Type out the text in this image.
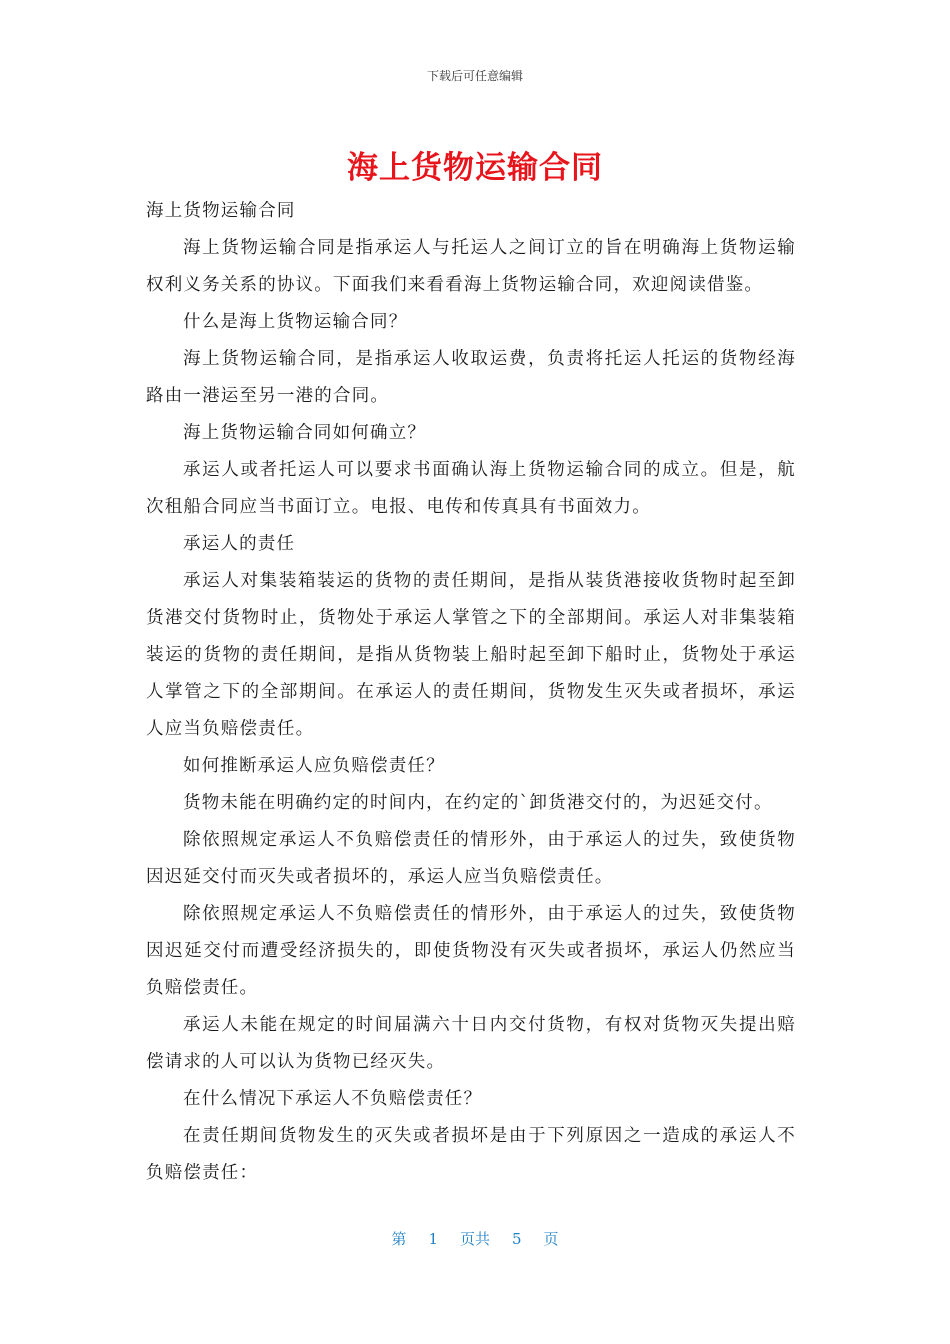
下载后可任意编辑
海上货物运输合同

海上货物运输合同

海上货物运输合同是指承运人与托运人之间订立的旨在明确海上货物运输权利义务关系的协议。下面我们来看看海上货物运输合同，欢迎阅读借鉴。

什么是海上货物运输合同？

海上货物运输合同，是指承运人收取运费，负责将托运人托运的货物经海路由一港运至另一港的合同。

海上货物运输合同如何确立？

承运人或者托运人可以要求书面确认海上货物运输合同的成立。但是，航次租船合同应当书面订立。电报、电传和传真具有书面效力。

承运人的责任

承运人对集装箱装运的货物的责任期间，是指从装货港接收货物时起至卸货港交付货物时止，货物处于承运人掌管之下的全部期间。承运人对非集装箱装运的货物的责任期间，是指从货物装上船时起至卸下船时止，货物处于承运人掌管之下的全部期间。在承运人的责任期间，货物发生灭失或者损坏，承运人应当负赔偿责任。

如何推断承运人应负赔偿责任？

货物未能在明确约定的时间内，在约定的`卸货港交付的，为迟延交付。

除依照规定承运人不负赔偿责任的情形外，由于承运人的过失，致使货物因迟延交付而灭失或者损坏的，承运人应当负赔偿责任。

除依照规定承运人不负赔偿责任的情形外，由于承运人的过失，致使货物因迟延交付而遭受经济损失的，即使货物没有灭失或者损坏，承运人仍然应当负赔偿责任。

承运人未能在规定的时间届满六十日内交付货物，有权对货物灭失提出赔偿请求的人可以认为货物已经灭失。

在什么情况下承运人不负赔偿责任？

在责任期间货物发生的灭失或者损坏是由于下列原因之一造成的承运人不负赔偿责任：

第 1 页共 5 页
